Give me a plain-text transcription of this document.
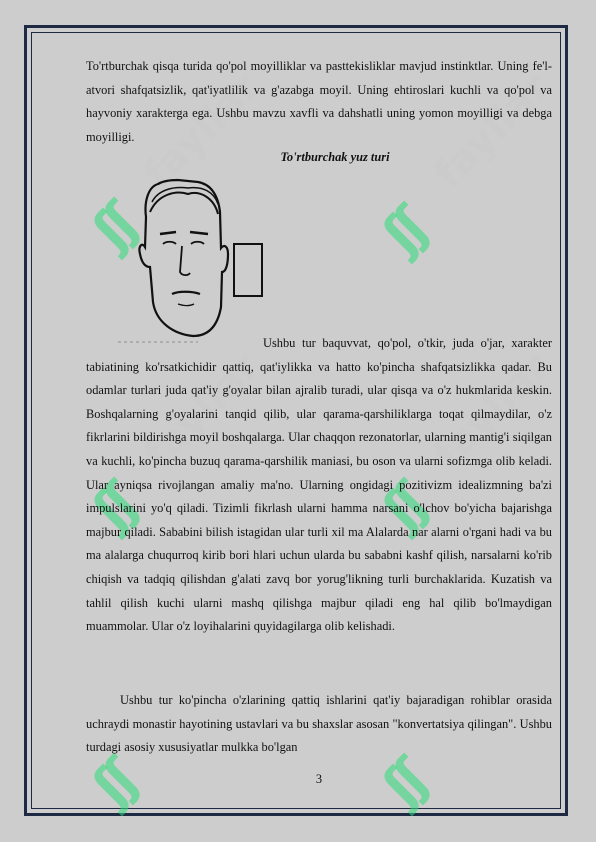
ʃʃ	ʃʃ
ʃʃ	ʃʃ
ʃʃ	ʃʃ
fayllar	fayllar
fayllar	fayllar
To'rtburchak qisqa turida qo'pol moyilliklar va pasttekisliklar mavjud instinktlar. Uning fe'l-atvori shafqatsizlik, qat'iyatlilik va g'azabga moyil. Uning ehtiroslari kuchli va qo'pol va hayvoniy xarakterga ega. Ushbu mavzu xavfli va dahshatli uning yomon moyilligi va debga moyilligi.
To'rtburchak yuz turi
Ushbu tur baquvvat, qo'pol, o'tkir, juda o'jar, xarakter tabiatining ko'rsatkichidir qattiq, qat'iylikka va hatto ko'pincha shafqatsizlikka qadar. Bu odamlar turlari juda qat'iy g'oyalar bilan ajralib turadi, ular qisqa va o'z hukmlarida keskin. Boshqalarning g'oyalarini tanqid qilib, ular qarama-qarshiliklarga toqat qilmaydilar, o'z fikrlarini bildirishga moyil boshqalarga. Ular chaqqon rezonatorlar, ularning mantig'i siqilgan va kuchli, ko'pincha buzuq qarama-qarshilik maniasi, bu oson va ularni sofizmga olib keladi. Ular ayniqsa rivojlangan amaliy ma'no. Ularning ongidagi pozitivizm idealizmning ba'zi impulslarini yo'q qiladi. Tizimli fikrlash ularni hamma narsani o'lchov bo'yicha bajarishga majbur qiladi. Sababini bilish istagidan ular turli xil ma Alalarda nar alarni o'rgani hadi va bu ma alalarga chuqurroq kirib bori hlari uchun ularda bu sababni kashf qilish, narsalarni ko'rib chiqish va tadqiq qilishdan g'alati zavq bor yorug'likning turli burchaklarida. Kuzatish va tahlil qilish kuchi ularni mashq qilishga majbur qiladi eng hal qilib bo'lmaydigan muammolar. Ular o'z loyihalarini quyidagilarga olib kelishadi.
Ushbu tur ko'pincha o'zlarining qattiq ishlarini qat'iy bajaradigan rohiblar orasida uchraydi monastir hayotining ustavlari va bu shaxslar asosan "konvertatsiya qilingan". Ushbu turdagi asosiy xususiyatlar mulkka bo'lgan
3
